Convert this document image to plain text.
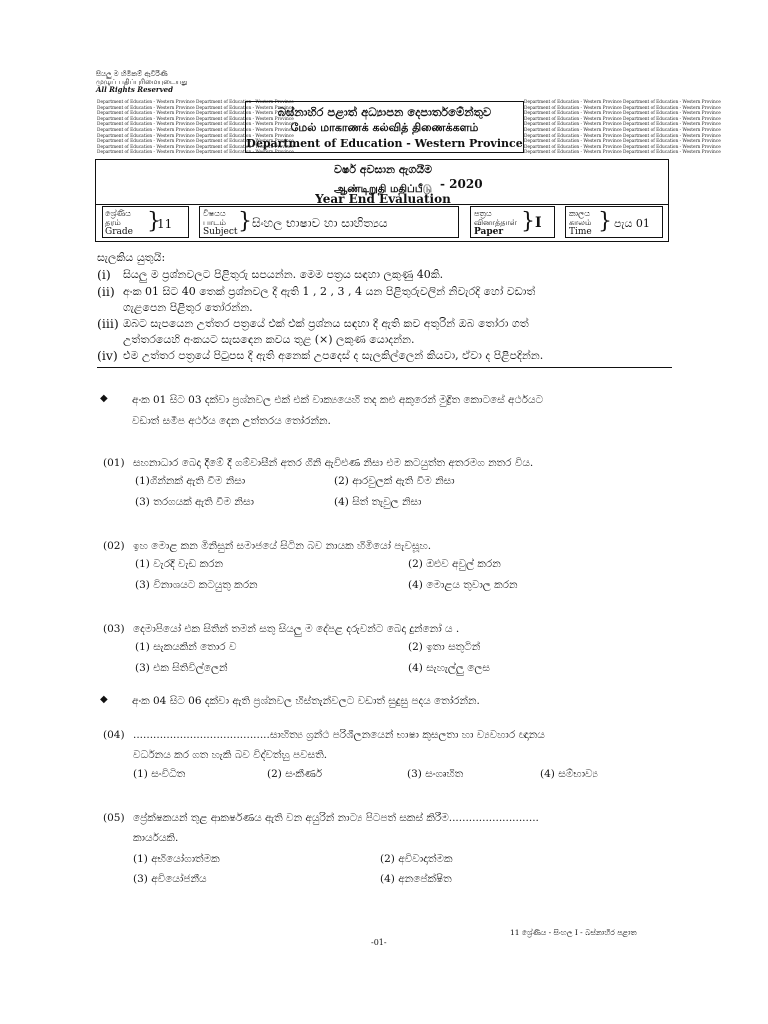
සියලු ම හිමිකම් ඇවිරිණි
முழுப் பதிப்புரிமையுடையது
All Rights Reserved
Department of Education - Western Province Department of Education - Western Province
Department of Education - Western Province Department of Education - Western Province
Department of Education - Western Province Department of Education - Western Province
Department of Education - Western Province Department of Education - Western Province
Department of Education - Western Province Department of Education - Western Province
Department of Education - Western Province Department of Education - Western Province
Department of Education - Western Province Department of Education - Western Province
Department of Education - Western Province Department of Education - Western Province
Department of Education - Western Province Department of Education - Western Province
Department of Education - Western Province Department of Education - Western Province
Department of Education - Western Province Department of Education - Western Province
Department of Education - Western Province Department of Education - Western Province
Department of Education - Western Province Department of Education - Western Province
Department of Education - Western Province Department of Education - Western Province
Department of Education - Western Province Department of Education - Western Province
Department of Education - Western Province Department of Education - Western Province
Department of Education - Western Province Department of Education - Western Province
Department of Education - Western Province Department of Education - Western Province
Department of Education - Western Province Department of Education - Western Province
Department of Education - Western Province Department of Education - Western Province
බස්නාහිර පළාත් අධ්‍යාපන දෙපාර්තමේන්තුව
மேல் மாகாணக் கல்வித் திணைக்களம்
Department of Education - Western Province
වර්ෂ අවසාන ඇගයීම
ஆண்டிறுதி மதிப்பீடு - 2020
Year End Evaluation
ශ්‍රේණිය
தரம்
Grade }
11
විෂයය
பாடம்
Subject } සිංහල භාෂාව හා සාහිත්‍යය
පත්‍රය
வினாத்தாள்
Paper } I
කාලය
காலம்
Time } පැය 01
සැලකිය යුතුයි:
(i) සියලු ම ප්‍රශ්නවලට පිළිතුරු සපයන්න. මෙම පත්‍රය සඳහා ලකුණු 40කි.
(ii) අංක 01 සිට 40 තෙක් ප්‍රශ්නවල දී ඇති 1 , 2 , 3 , 4 යන පිළිතුරුවලින් නිවැරදි හෝ වඩාත්
ගැළපෙන පිළිතුර තෝරන්න.
(iii) ඔබට සැපයෙන උත්තර පත්‍රයේ එක් එක් ප්‍රශ්නය සඳහා දී ඇති කව අතුරින් ඔබ තෝරා ගත්
උත්තරයෙහි අංකයට සැසඳෙන කවය තුළ (×) ලකුණ යොදන්න.
(iv) එම උත්තර පත්‍රයේ පිටුපස දී ඇති අනෙක් උපදෙස් ද සැලකිල්ලෙන් කියවා, ඒවා ද පිළිපදින්න.
◆ අංක 01 සිට 03 දක්වා ප්‍රශ්නවල එක් එක් වාක්‍යයෙහි තද කළු අකුරෙන් මුද්‍රිත කොටසේ අර්ථයට
වඩාත් සමීප අර්ථය දෙන උත්තරය තෝරන්න.
(01) සහනාධාර බෙදා දීමේ දී ගම්වාසීන් අතර ගිනි ඇවිළුණ නිසා එම කටයුත්ත අතරමග නතර විය.
(1)ගින්නක් ඇති වීම නිසා	(2) ආරවුලක් ඇති වීම නිසා
(3) තරගයක් ඇති වීම නිසා	(4) සිත් තැවුල නිසා
(02) ඉහ මොළ කන මිනිසුන් සමාජයේ සිටින බව නායක හිමියෝ පැවසූහ.
(1) වැරදි වැඩ කරන	(2) ඔළුව අවුල් කරන
(3) විනාශයට කටයුතු කරන	(4) මොළය තුවාල කරන
(03) දෙමාපියෝ එක සිතින් තමන් සතු සියලු ම දේපළ දරුවන්ට බෙදා දුන්නෝ ය .
(1) සැකයකින් තොර ව	(2) ඉතා සතුටින්
(3) එක සිතිවිල්ලෙන්	(4) සැහැල්ලු ලෙස
◆ අංක 04 සිට 06 දක්වා ඇති ප්‍රශ්නවල හිස්තැන්වලට වඩාත් සුදුසු පදය තෝරන්න.
(04) .........................................සාහිත්‍ය ග්‍රන්ථ පරිශීලනයෙන් භාෂා කුසලතා හා ව්‍යවහාර ඥානය
වර්ධනය කර ගත හැකි බව විද්වත්හු පවසති.
(1) සංවිධිත	(2) සංකීර්ණ	(3) සංගෘහිත	(4) සම්භාව්‍ය
(05) ප්‍රේක්ෂකයන් තුළ ආකර්ෂණය ඇති වන අයුරින් නාට්‍ය පිටපත් සකස් කිරීම...........................
කාර්යයකි.
(1) අභියෝගාත්මක	(2) අවිවාදාත්මක
(3) අවියෝජනීය	(4) අනපේක්ෂිත
-01-
11 ශ්‍රේණිය - සිංහල I - බස්නාහිර පළාත
